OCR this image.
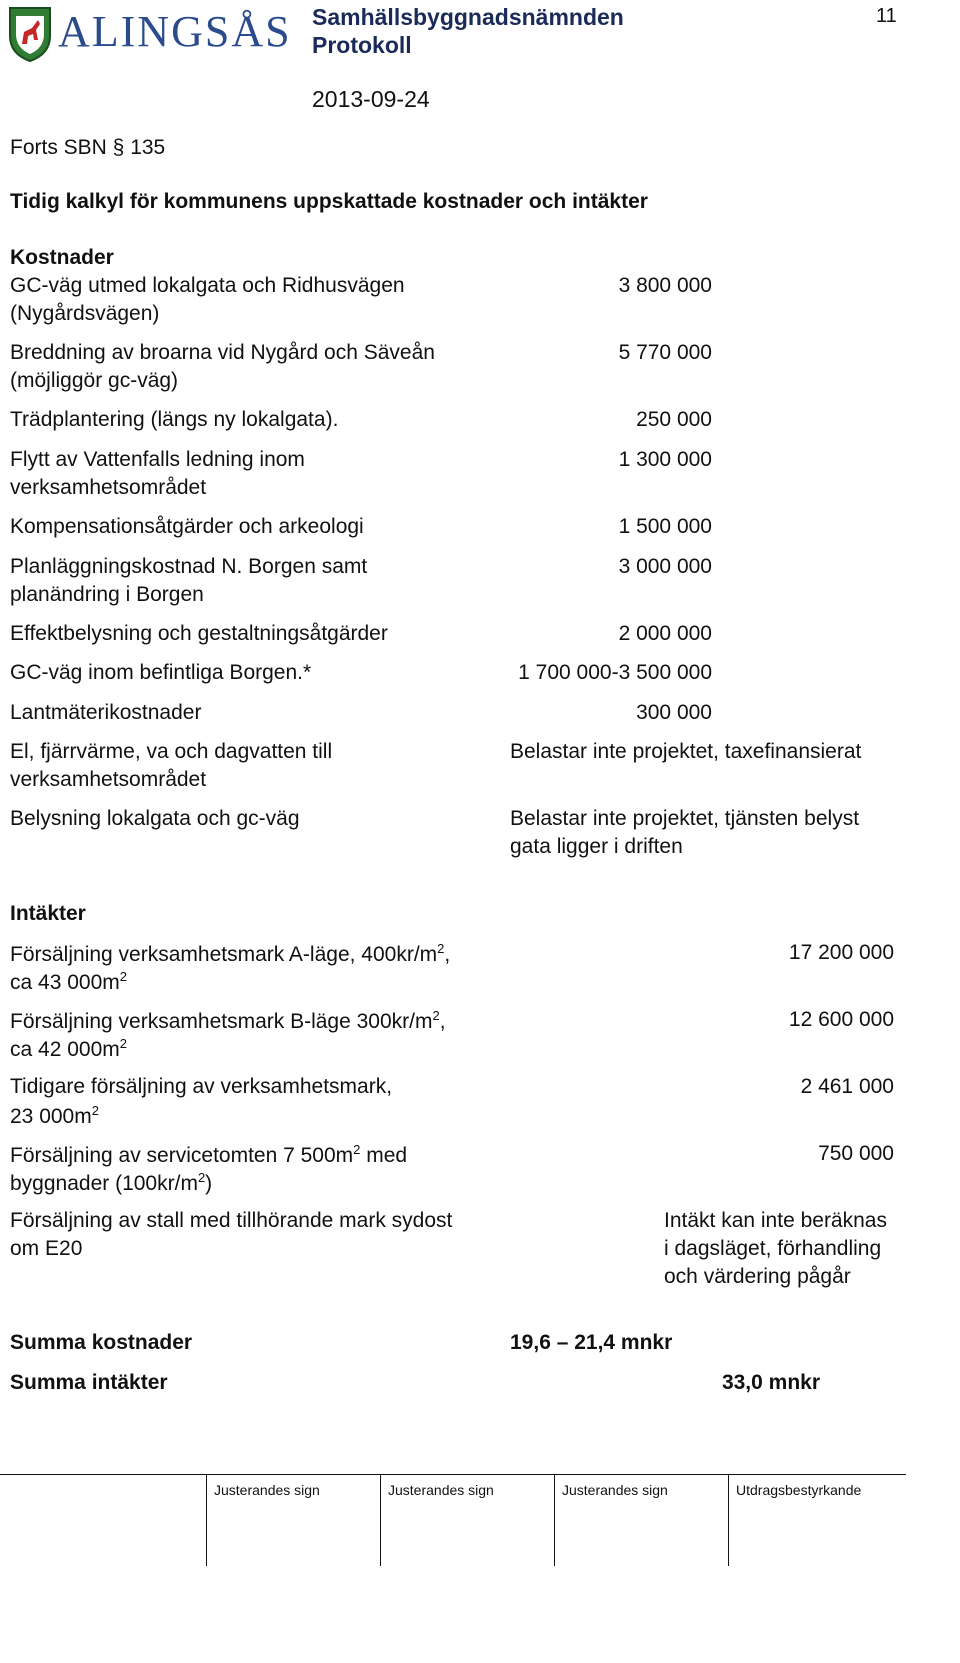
ALINGSÅS Samhällsbyggnadsnämnden
Protokoll
11
2013-09-24
Forts SBN § 135
Tidig kalkyl för kommunens uppskattade kostnader och intäkter
Kostnader
GC-väg utmed lokalgata och Ridhusvägen
(Nygårdsvägen)
3 800 000
Breddning av broarna vid Nygård och Säveån
(möjliggör gc-väg)
5 770 000
Trädplantering (längs ny lokalgata).	250 000
Flytt av Vattenfalls ledning inom
verksamhetsområdet
1 300 000
Kompensationsåtgärder och arkeologi	1 500 000
Planläggningskostnad N. Borgen samt
planändring i Borgen
3 000 000
Effektbelysning och gestaltningsåtgärder	2 000 000
GC-väg inom befintliga Borgen.*	1 700 000-3 500 000
Lantmäterikostnader	300 000
El, fjärrvärme, va och dagvatten till
verksamhetsområdet
Belastar inte projektet, taxefinansierat
Belysning lokalgata och gc-väg	Belastar inte projektet, tjänsten belyst
gata ligger i driften
Intäkter
Försäljning verksamhetsmark A-läge, $400kr/m^2$,
ca 43 $000m^2$
17 200 000
Försäljning verksamhetsmark B-läge $300kr/m^2$,
ca 42 $000m^2$
12 600 000
Tidigare försäljning av verksamhetsmark,
23 $000m^2$
2 461 000
Försäljning av servicetomten 7 $500m^2$ med
byggnader $(100kr/m^2)$
750 000
Försäljning av stall med tillhörande mark sydost
om E20
Intäkt kan inte beräknas
i dagsläget, förhandling
och värdering pågår
Summa kostnader	19,6 – 21,4 mnkr
Summa intäkter	33,0 mnkr
Justerandes sign	Justerandes sign	Justerandes sign	Utdragsbestyrkande
